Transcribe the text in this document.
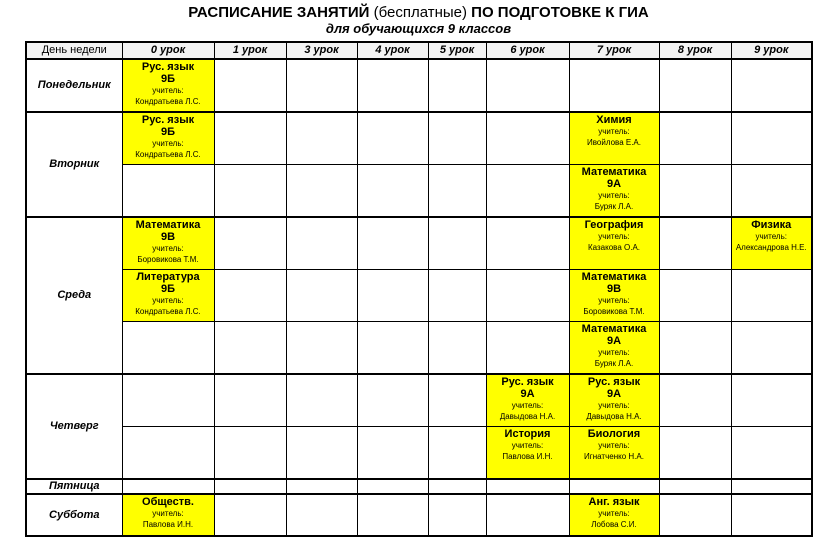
РАСПИСАНИЕ ЗАНЯТИЙ (бесплатные) ПО ПОДГОТОВКЕ К ГИА
для обучающихся 9 классов
День недели	0 урок	1 урок	3 урок	4 урок	5 урок	6 урок	7 урок	8 урок	9 урок
Понедельник	Рус. язык
9Б
учитель:
Кондратьева Л.С.								

Вторник	Рус. язык
9Б
учитель:
Кондратьева Л.С.						Химия
учитель:
Ивойлова Е.А.		

							Математика
9А
учитель:
Буряк Л.А.		

Среда	Математика
9В
учитель:
Боровикова Т.М.						География
учитель:
Казакова О.А.		Физика
учитель:
Александрова Н.Е.

	Литература
9Б
учитель:
Кондратьева Л.С.						Математика
9В
учитель:
Боровикова Т.М.		

							Математика
9А
учитель:
Буряк Л.А.		

Четверг						Рус. язык
9А
учитель:
Давыдова Н.А.	Рус. язык
9А
учитель:
Давыдова Н.А.		

						История
учитель:
Павлова И.Н.	Биология
учитель:
Игнатченко Н.А.		

Пятница									
Суббота	Обществ.
учитель:
Павлова И.Н.						Анг. язык
учитель:
Лобова С.И.		
